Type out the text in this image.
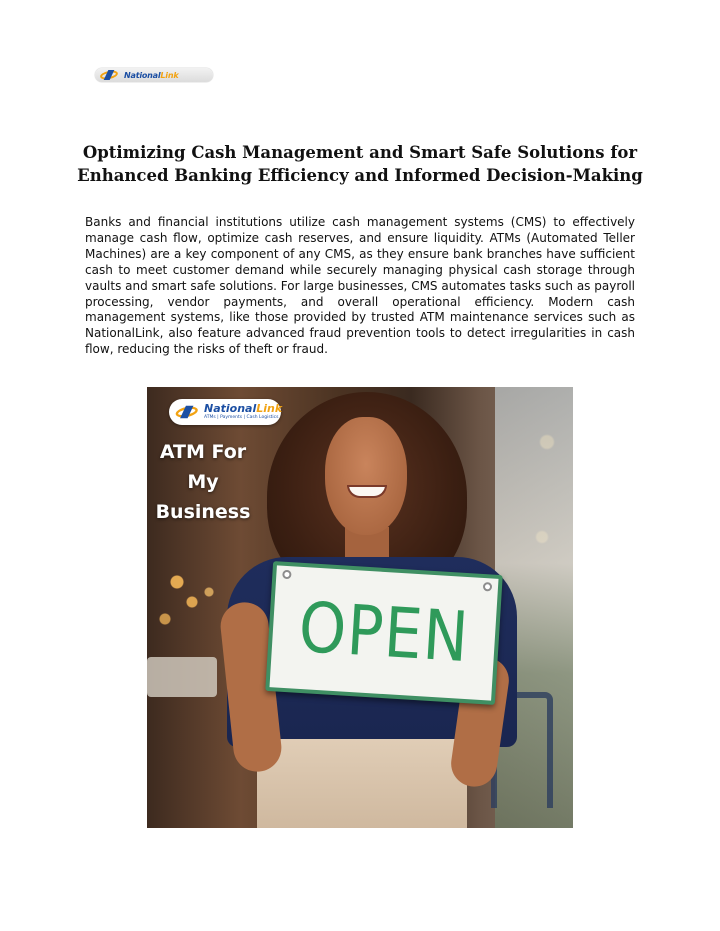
NationalLink
Optimizing Cash Management and Smart Safe Solutions for Enhanced Banking Efficiency and Informed Decision-Making

Banks and financial institutions utilize cash management systems (CMS) to effectively manage cash flow, optimize cash reserves, and ensure liquidity. ATMs (Automated Teller Machines) are a key component of any CMS, as they ensure bank branches have sufficient cash to meet customer demand while securely managing physical cash storage through vaults and smart safe solutions. For large businesses, CMS automates tasks such as payroll processing, vendor payments, and overall operational efficiency. Modern cash management systems, like those provided by trusted ATM maintenance services such as NationalLink, also feature advanced fraud prevention tools to detect irregularities in cash flow, reducing the risks of theft or fraud.

OPEN
NationalLink
ATMs | Payments | Cash Logistics

ATM For
My
Business
